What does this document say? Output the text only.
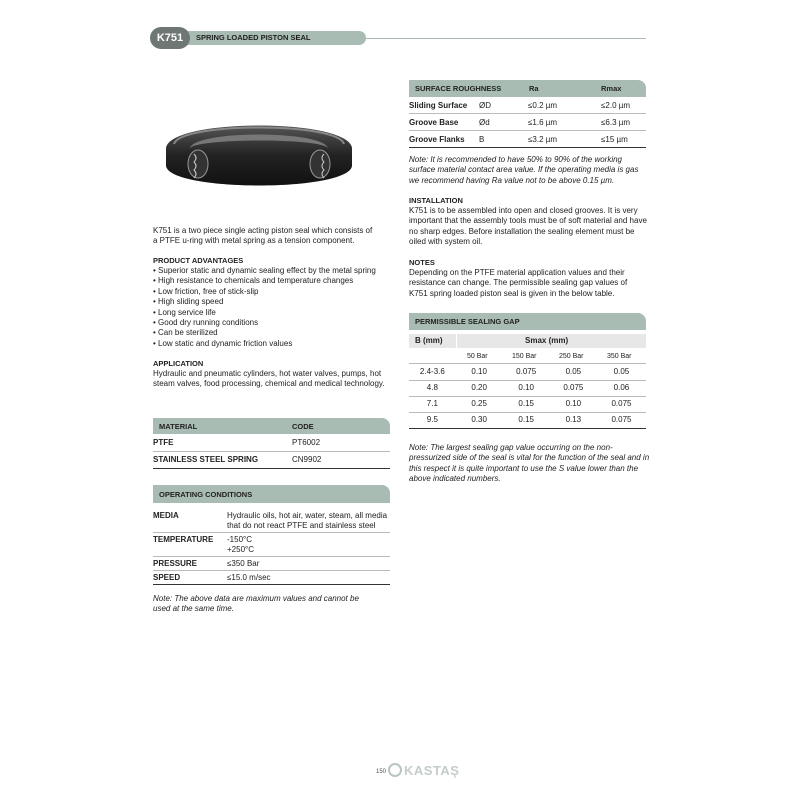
K751	SPRING LOADED PISTON SEAL
K751 is a two piece single acting piston seal which consists of a PTFE u-ring with metal spring as a tension component.
PRODUCT ADVANTAGES
• Superior static and dynamic sealing effect by the metal spring
• High resistance to chemicals and temperature changes
• Low friction, free of stick-slip
• High sliding speed
• Long service life
• Good dry running conditions
• Can be sterilized
• Low static and dynamic friction values
APPLICATION
Hydraulic and pneumatic cylinders, hot water valves, pumps, hot steam valves, food processing, chemical and medical technology.
MATERIAL	CODE
PTFE	PT6002
STAINLESS STEEL SPRING	CN9902
OPERATING CONDITIONS
MEDIA	Hydraulic oils, hot air, water, steam, all media
that do not react PTFE and stainless steel
TEMPERATURE -150°C
+250°C
PRESSURE	≤350 Bar
SPEED	≤15.0 m/sec
Note: The above data are maximum values and cannot be used at the same time.
SURFACE ROUGHNESS	Ra	Rmax
Sliding Surface ØD	≤0.2 µm	≤2.0 µm
Groove Base	Ød	≤1.6 µm	≤6.3 µm
Groove Flanks B	≤3.2 µm	≤15 µm
Note: It is recommended to have 50% to 90% of the working surface material contact area value. If the operating media is gas we recommend having Ra value not to be above 0.15 µm.
INSTALLATION
K751 is to be assembled into open and closed grooves. It is very important that the assembly tools must be of soft material and have no sharp edges. Before installation the sealing element must be oiled with system oil.
NOTES
Depending on the PTFE material application values and their resistance can change. The permissible sealing gap values of K751 spring loaded piston seal is given in the below table.
PERMISSIBLE SEALING GAP
B (mm)	Smax (mm)
50 Bar	150 Bar	250 Bar	350 Bar
2.4-3.6	0.10	0.075	0.05	0.05
4.8	0.20	0.10	0.075	0.06
7.1	0.25	0.15	0.10	0.075
9.5	0.30	0.15	0.13	0.075
Note: The largest sealing gap value occurring on the non-pressurized side of the seal is vital for the function of the seal and in this respect it is quite important to use the S value lower than the above indicated numbers.
150 KASTAŞ
